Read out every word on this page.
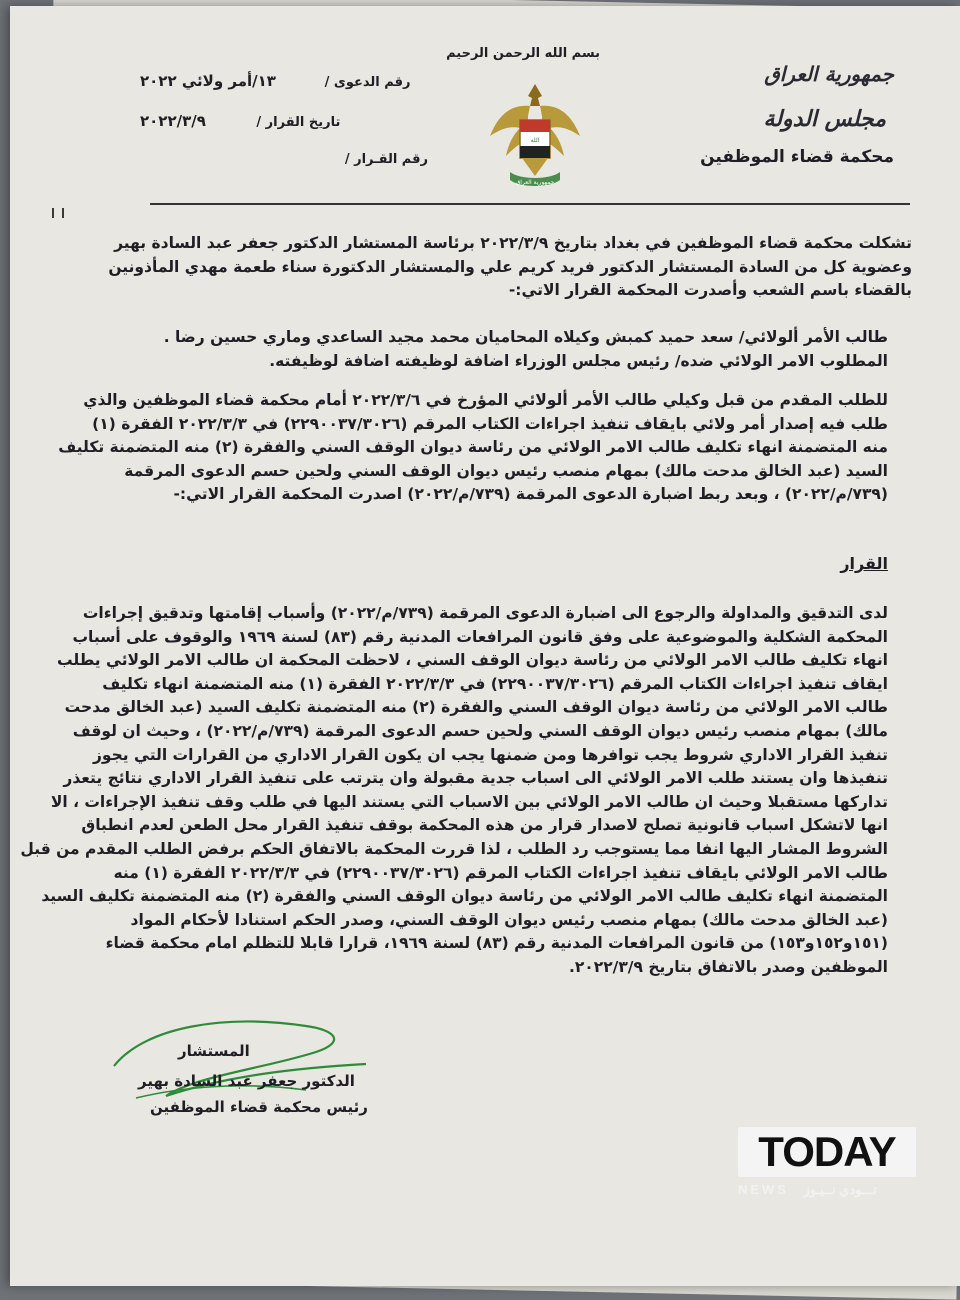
رقم الدعوى / ١٣/أمر ولائي ٢٠٢٢
تاريخ القرار / ٢٠٢٢/٣/٩
رقم القـرار /
بسم الله الرحمن الرحيم
الله
جمهورية العراق
جمهورية العراق
مجلس الدولة
محكمة قضاء الموظفين
تشكلت محكمة قضاء الموظفين في بغداد بتاريخ ٢٠٢٢/٣/٩ برئاسة المستشار الدكتور جعفر عبد السادة بهير
وعضوية كل من السادة المستشار الدكتور فريد كريم علي والمستشار الدكتورة سناء طعمة مهدي المأذونين
بالقضاء باسم الشعب وأصدرت المحكمة القرار الاتي:-
طالب الأمر ألولائي/ سعد حميد كمبش وكيلاه المحاميان محمد مجيد الساعدي وماري حسين رضا .
المطلوب الامر الولائي ضده/ رئيس مجلس الوزراء اضافة لوظيفته اضافة لوظيفته.
للطلب المقدم من قبل وكيلي طالب الأمر ألولائي المؤرخ في ٢٠٢٢/٣/٦ أمام محكمة قضاء الموظفين والذي
طلب فيه إصدار أمر ولائي بايقاف تنفيذ اجراءات الكتاب المرقم (٢٢٩٠٠٣٧/٣٠٢٦) في ٢٠٢٢/٣/٣ الفقرة (١)
منه المتضمنة انهاء تكليف طالب الامر الولائي من رئاسة ديوان الوقف السني والفقرة (٢) منه المتضمنة تكليف
السيد (عبد الخالق مدحت مالك) بمهام منصب رئيس ديوان الوقف السني ولحين حسم الدعوى المرقمة
(٧٣٩/م/٢٠٢٢) ، وبعد ربط اضبارة الدعوى المرقمة (٧٣٩/م/٢٠٢٢) اصدرت المحكمة القرار الاتي:-
القرار
لدى التدقيق والمداولة والرجوع الى اضبارة الدعوى المرقمة (٧٣٩/م/٢٠٢٢) وأسباب إقامتها وتدقيق إجراءات
المحكمة الشكلية والموضوعية على وفق قانون المرافعات المدنية رقم (٨٣) لسنة ١٩٦٩ والوقوف على أسباب
انهاء تكليف طالب الامر الولائي من رئاسة ديوان الوقف السني ، لاحظت المحكمة ان طالب الامر الولائي يطلب
ايقاف تنفيذ اجراءات الكتاب المرقم (٢٢٩٠٠٣٧/٣٠٢٦) في ٢٠٢٢/٣/٣ الفقرة (١) منه المتضمنة انهاء تكليف
طالب الامر الولائي من رئاسة ديوان الوقف السني والفقرة (٢) منه المتضمنة تكليف السيد (عبد الخالق مدحت
مالك) بمهام منصب رئيس ديوان الوقف السني ولحين حسم الدعوى المرقمة (٧٣٩/م/٢٠٢٢) ، وحيث ان لوقف
تنفيذ القرار الاداري شروط يجب توافرها ومن ضمنها يجب ان يكون القرار الاداري من القرارات التي يجوز
تنفيذها وان يستند طلب الامر الولائي الى اسباب جدية مقبولة وان يترتب على تنفيذ القرار الاداري نتائج يتعذر
تداركها مستقبلا وحيث ان طالب الامر الولائي بين الاسباب التي يستند اليها في طلب وقف تنفيذ الإجراءات ، الا
انها لاتشكل اسباب قانونية تصلح لاصدار قرار من هذه المحكمة بوقف تنفيذ القرار محل الطعن لعدم انطباق
الشروط المشار اليها انفا مما يستوجب رد الطلب ، لذا قررت المحكمة بالاتفاق الحكم برفض الطلب المقدم من قبل
طالب الامر الولائي بايقاف تنفيذ اجراءات الكتاب المرقم (٢٢٩٠٠٣٧/٣٠٢٦) في ٢٠٢٢/٣/٣ الفقرة (١) منه
المتضمنة انهاء تكليف طالب الامر الولائي من رئاسة ديوان الوقف السني والفقرة (٢) منه المتضمنة تكليف السيد
(عبد الخالق مدحت مالك) بمهام منصب رئيس ديوان الوقف السني، وصدر الحكم استنادا لأحكام المواد
(١٥١و١٥٢و١٥٣) من قانون المرافعات المدنية رقم (٨٣) لسنة ١٩٦٩، قرارا قابلا للتظلم امام محكمة قضاء
الموظفين وصدر بالاتفاق بتاريخ ٢٠٢٢/٣/٩.
المستشار
الدكتور جعفر عبد السادة بهير
رئيس محكمة قضاء الموظفين
TODAY
NEWS تـــودي نــيـوز
